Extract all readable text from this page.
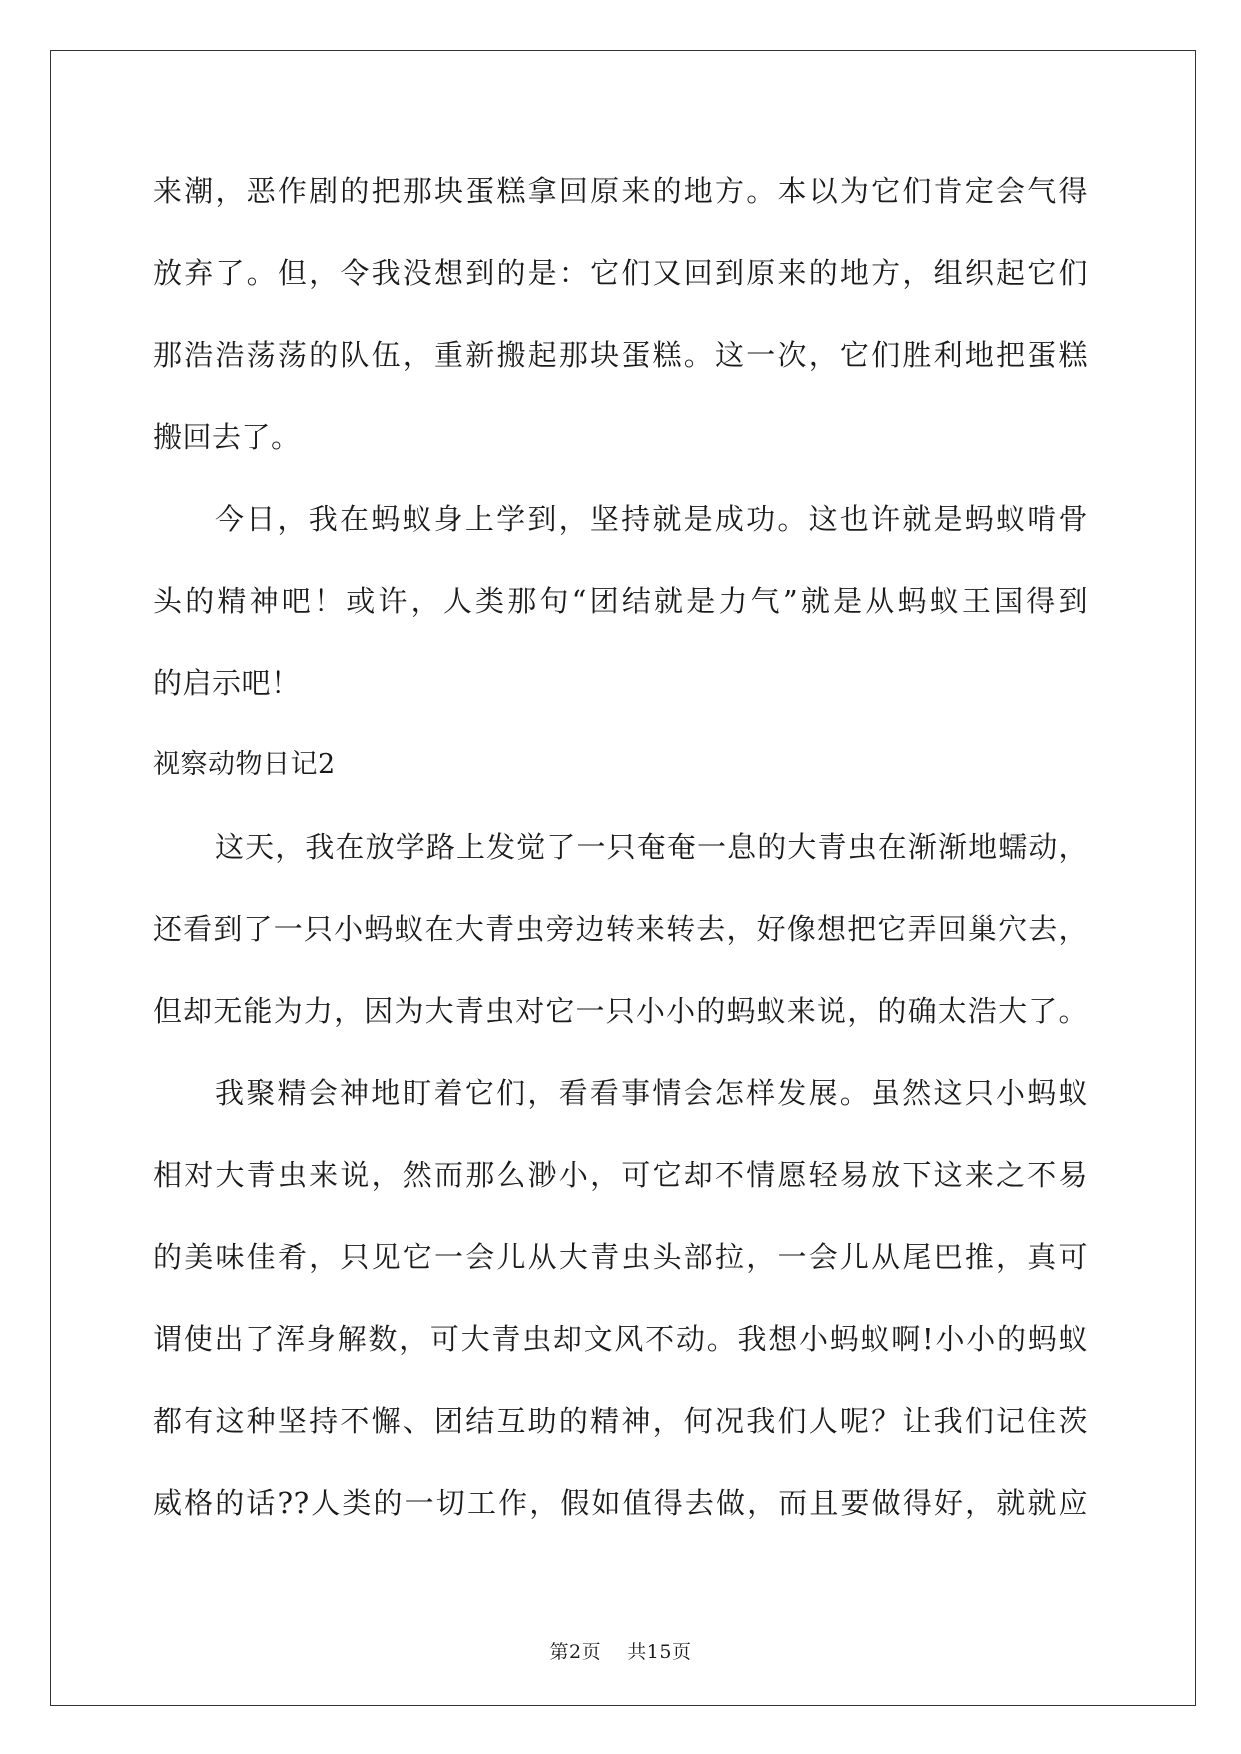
来潮，恶作剧的把那块蛋糕拿回原来的地方。本以为它们肯定会气得
放弃了。但，令我没想到的是：它们又回到原来的地方，组织起它们
那浩浩荡荡的队伍，重新搬起那块蛋糕。这一次，它们胜利地把蛋糕
搬回去了。
今日，我在蚂蚁身上学到，坚持就是成功。这也许就是蚂蚁啃骨
头的精神吧！或许，人类那句“团结就是力气”就是从蚂蚁王国得到
的启示吧！
视察动物日记2
这天，我在放学路上发觉了一只奄奄一息的大青虫在渐渐地蠕动，
还看到了一只小蚂蚁在大青虫旁边转来转去，好像想把它弄回巢穴去，
但却无能为力，因为大青虫对它一只小小的蚂蚁来说，的确太浩大了。
我聚精会神地盯着它们，看看事情会怎样发展。虽然这只小蚂蚁
相对大青虫来说，然而那么渺小，可它却不情愿轻易放下这来之不易
的美味佳肴，只见它一会儿从大青虫头部拉，一会儿从尾巴推，真可
谓使出了浑身解数，可大青虫却文风不动。我想小蚂蚁啊!小小的蚂蚁
都有这种坚持不懈、团结互助的精神，何况我们人呢？让我们记住茨
威格的话??人类的一切工作，假如值得去做，而且要做得好，就就应
第2页 共15页
